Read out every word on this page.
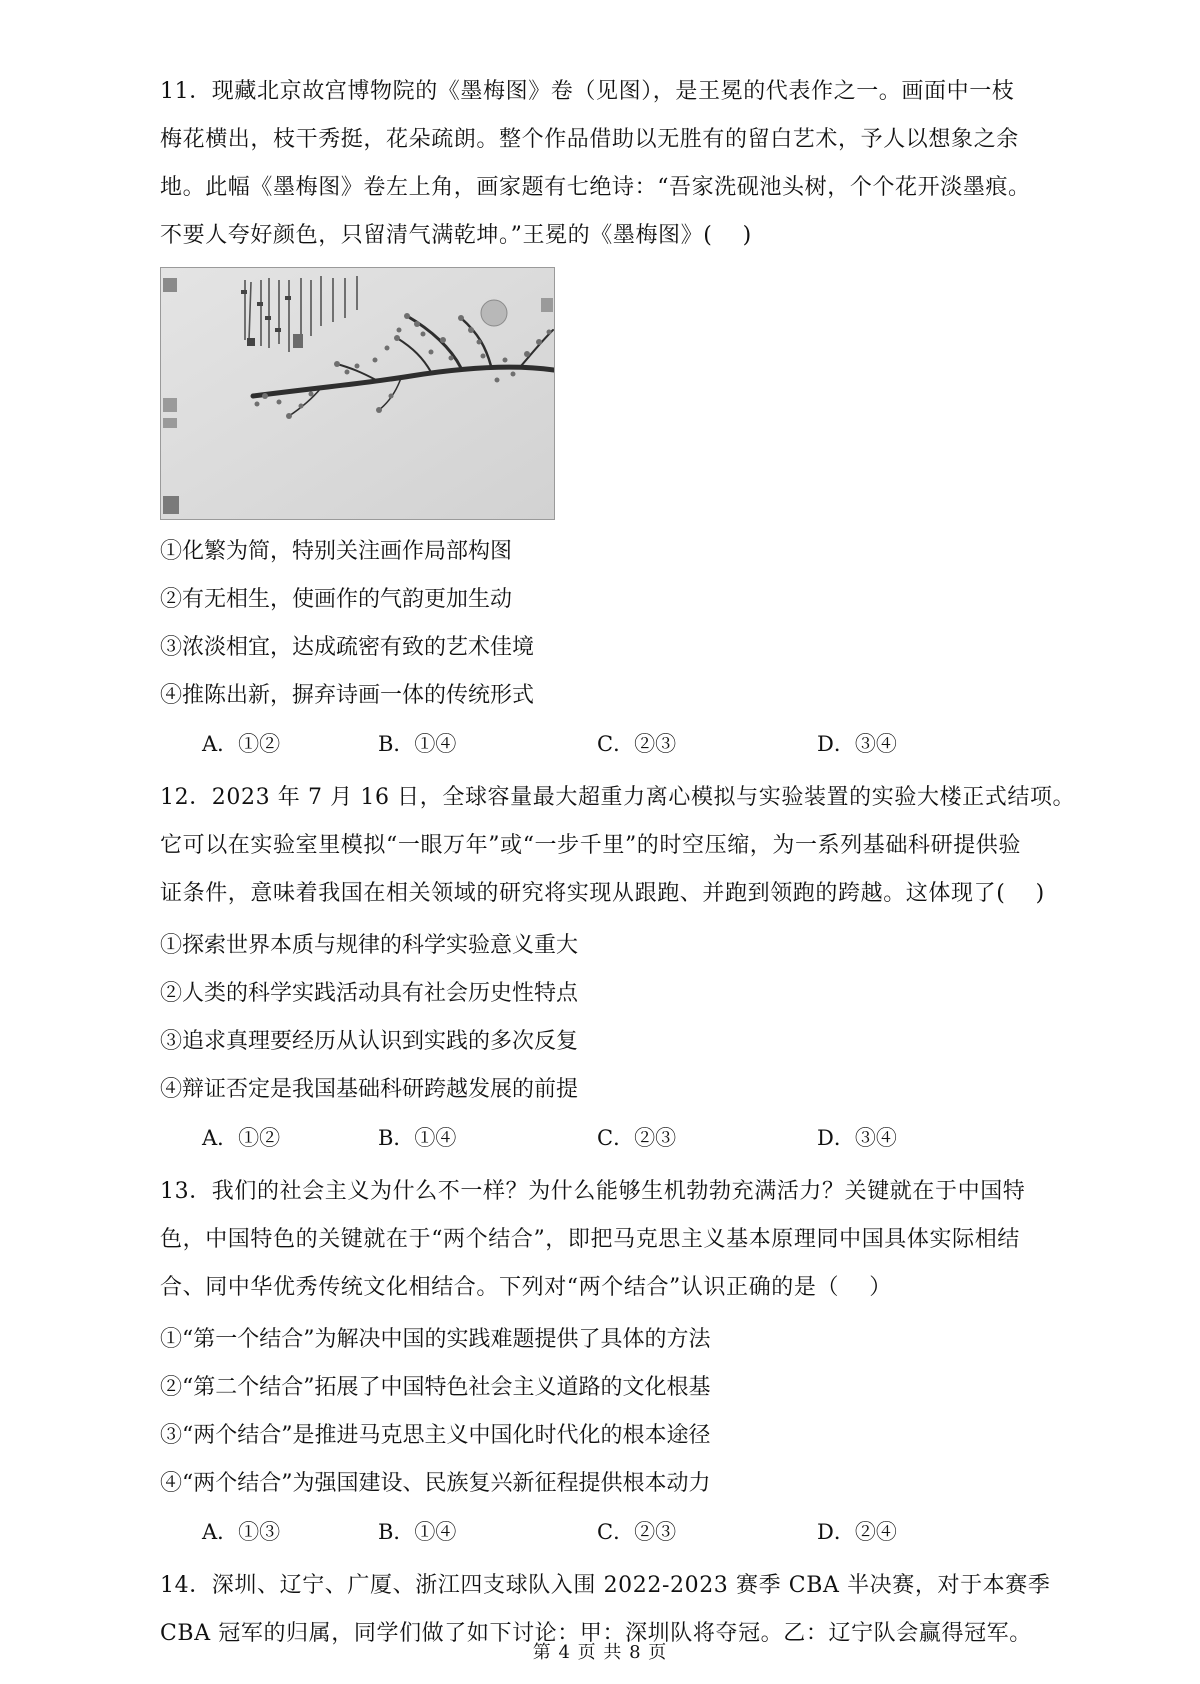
11．现藏北京故宫博物院的《墨梅图》卷（见图），是王冕的代表作之一。画面中一枝
梅花横出，枝干秀挺，花朵疏朗。整个作品借助以无胜有的留白艺术，予人以想象之余
地。此幅《墨梅图》卷左上角，画家题有七绝诗：“吾家洗砚池头树，个个花开淡墨痕。
不要人夸好颜色，只留清气满乾坤。”王冕的《墨梅图》(　 )
①化繁为简，特别关注画作局部构图
②有无相生，使画作的气韵更加生动
③浓淡相宜，达成疏密有致的艺术佳境
④推陈出新，摒弃诗画一体的传统形式
A．①②	B．①④	C．②③	D．③④
12．2023 年 7 月 16 日，全球容量最大超重力离心模拟与实验装置的实验大楼正式结项。
它可以在实验室里模拟“一眼万年”或“一步千里”的时空压缩，为一系列基础科研提供验
证条件，意味着我国在相关领域的研究将实现从跟跑、并跑到领跑的跨越。这体现了(　 )
①探索世界本质与规律的科学实验意义重大
②人类的科学实践活动具有社会历史性特点
③追求真理要经历从认识到实践的多次反复
④辩证否定是我国基础科研跨越发展的前提
A．①②	B．①④	C．②③	D．③④
13．我们的社会主义为什么不一样？为什么能够生机勃勃充满活力？关键就在于中国特
色，中国特色的关键就在于“两个结合”，即把马克思主义基本原理同中国具体实际相结
合、同中华优秀传统文化相结合。下列对“两个结合”认识正确的是（　 ）
①“第一个结合”为解决中国的实践难题提供了具体的方法
②“第二个结合”拓展了中国特色社会主义道路的文化根基
③“两个结合”是推进马克思主义中国化时代化的根本途径
④“两个结合”为强国建设、民族复兴新征程提供根本动力
A．①③	B．①④	C．②③	D．②④
14．深圳、辽宁、广厦、浙江四支球队入围 2022-2023 赛季 CBA 半决赛，对于本赛季
CBA 冠军的归属，同学们做了如下讨论：甲：深圳队将夺冠。乙：辽宁队会赢得冠军。
第 4 页 共 8 页
